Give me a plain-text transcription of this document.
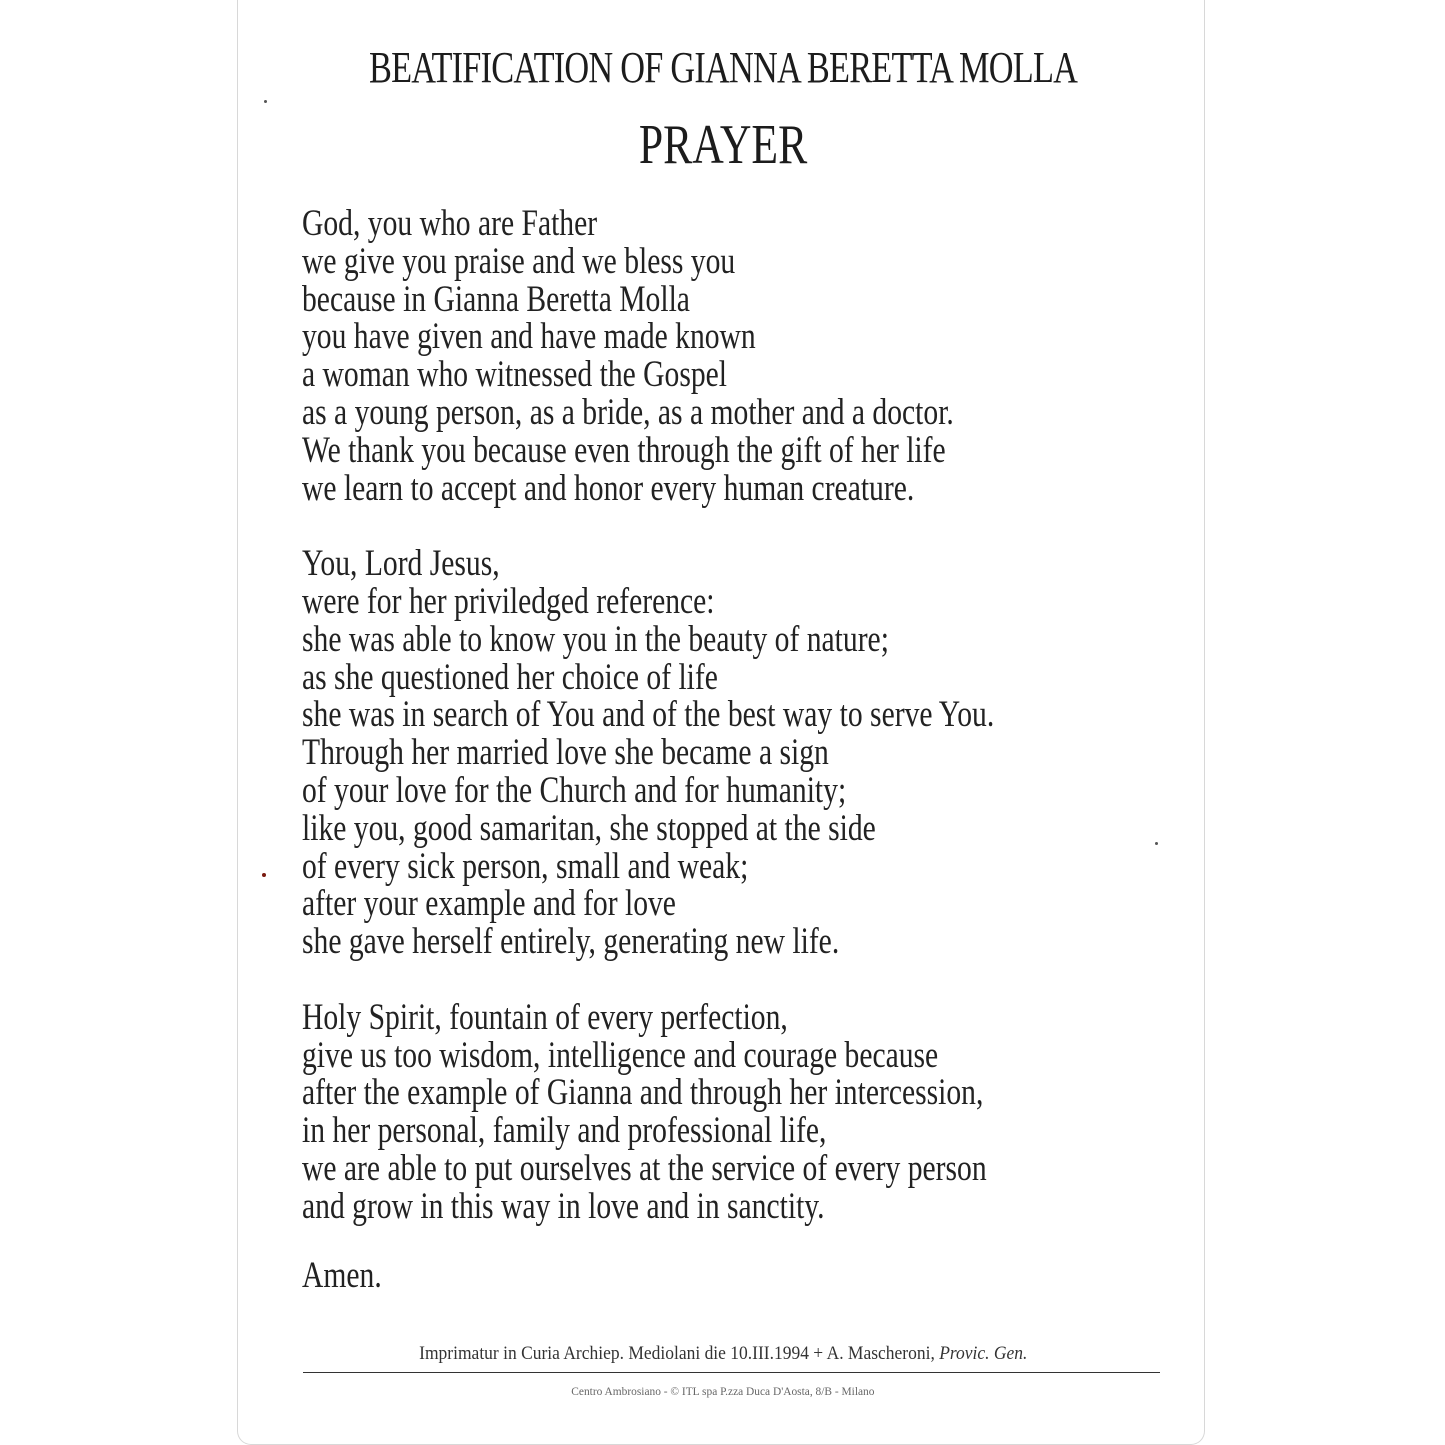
BEATIFICATION OF GIANNA BERETTA MOLLA
PRAYER
God, you who are Father
we give you praise and we bless you
because in Gianna Beretta Molla
you have given and have made known
a woman who witnessed the Gospel
as a young person, as a bride, as a mother and a doctor.
We thank you because even through the gift of her life
we learn to accept and honor every human creature.
You, Lord Jesus,
were for her priviledged reference:
she was able to know you in the beauty of nature;
as she questioned her choice of life
she was in search of You and of the best way to serve You.
Through her married love she became a sign
of your love for the Church and for humanity;
like you, good samaritan, she stopped at the side
of every sick person, small and weak;
after your example and for love
she gave herself entirely, generating new life.
Holy Spirit, fountain of every perfection,
give us too wisdom, intelligence and courage because
after the example of Gianna and through her intercession,
in her personal, family and professional life,
we are able to put ourselves at the service of every person
and grow in this way in love and in sanctity.
Amen.
Imprimatur in Curia Archiep. Mediolani die 10.III.1994 + A. Mascheroni, Provic. Gen.
Centro Ambrosiano - © ITL spa P.zza Duca D'Aosta, 8/B - Milano
